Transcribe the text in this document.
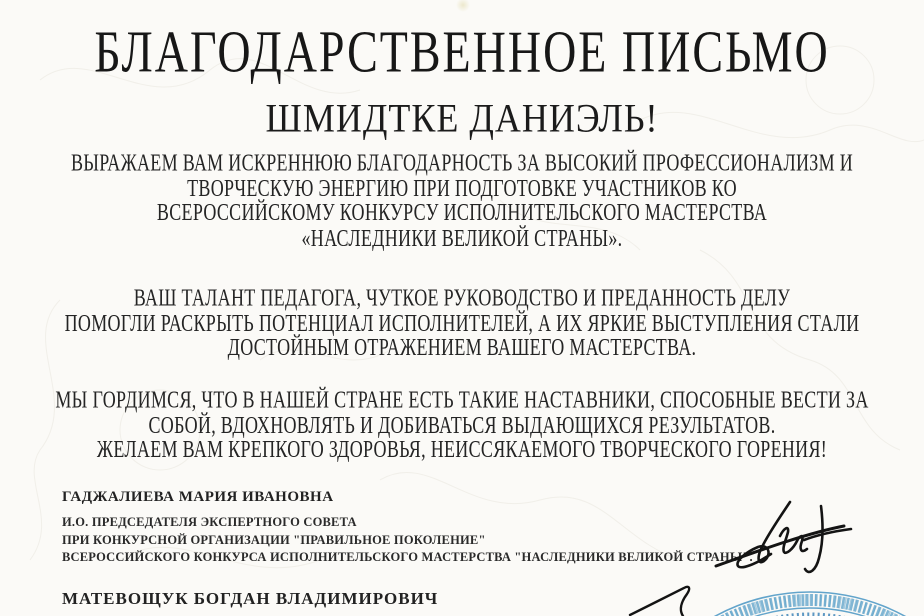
БЛАГОДАРСТВЕННОЕ ПИСЬМО
ШМИДТКЕ ДАНИЭЛЬ!
ВЫРАЖАЕМ ВАМ ИСКРЕННЮЮ БЛАГОДАРНОСТЬ ЗА ВЫСОКИЙ ПРОФЕССИОНАЛИЗМ И
ТВОРЧЕСКУЮ ЭНЕРГИЮ ПРИ ПОДГОТОВКЕ УЧАСТНИКОВ КО
ВСЕРОССИЙСКОМУ КОНКУРСУ ИСПОЛНИТЕЛЬСКОГО МАСТЕРСТВА
«НАСЛЕДНИКИ ВЕЛИКОЙ СТРАНЫ».
ВАШ ТАЛАНТ ПЕДАГОГА, ЧУТКОЕ РУКОВОДСТВО И ПРЕДАННОСТЬ ДЕЛУ
ПОМОГЛИ РАСКРЫТЬ ПОТЕНЦИАЛ ИСПОЛНИТЕЛЕЙ, А ИХ ЯРКИЕ ВЫСТУПЛЕНИЯ СТАЛИ
ДОСТОЙНЫМ ОТРАЖЕНИЕМ ВАШЕГО МАСТЕРСТВА.
МЫ ГОРДИМСЯ, ЧТО В НАШЕЙ СТРАНЕ ЕСТЬ ТАКИЕ НАСТАВНИКИ, СПОСОБНЫЕ ВЕСТИ ЗА
СОБОЙ, ВДОХНОВЛЯТЬ И ДОБИВАТЬСЯ ВЫДАЮЩИХСЯ РЕЗУЛЬТАТОВ.
ЖЕЛАЕМ ВАМ КРЕПКОГО ЗДОРОВЬЯ, НЕИССЯКАЕМОГО ТВОРЧЕСКОГО ГОРЕНИЯ!
ГАДЖАЛИЕВА МАРИЯ ИВАНОВНА
И.О. ПРЕДСЕДАТЕЛЯ ЭКСПЕРТНОГО СОВЕТА
ПРИ КОНКУРСНОЙ ОРГАНИЗАЦИИ "ПРАВИЛЬНОЕ ПОКОЛЕНИЕ"
ВСЕРОССИЙСКОГО КОНКУРСА ИСПОЛНИТЕЛЬСКОГО МАСТЕРСТВА "НАСЛЕДНИКИ ВЕЛИКОЙ СТРАНЫ".
МАТЕВОЩУК БОГДАН ВЛАДИМИРОВИЧ
